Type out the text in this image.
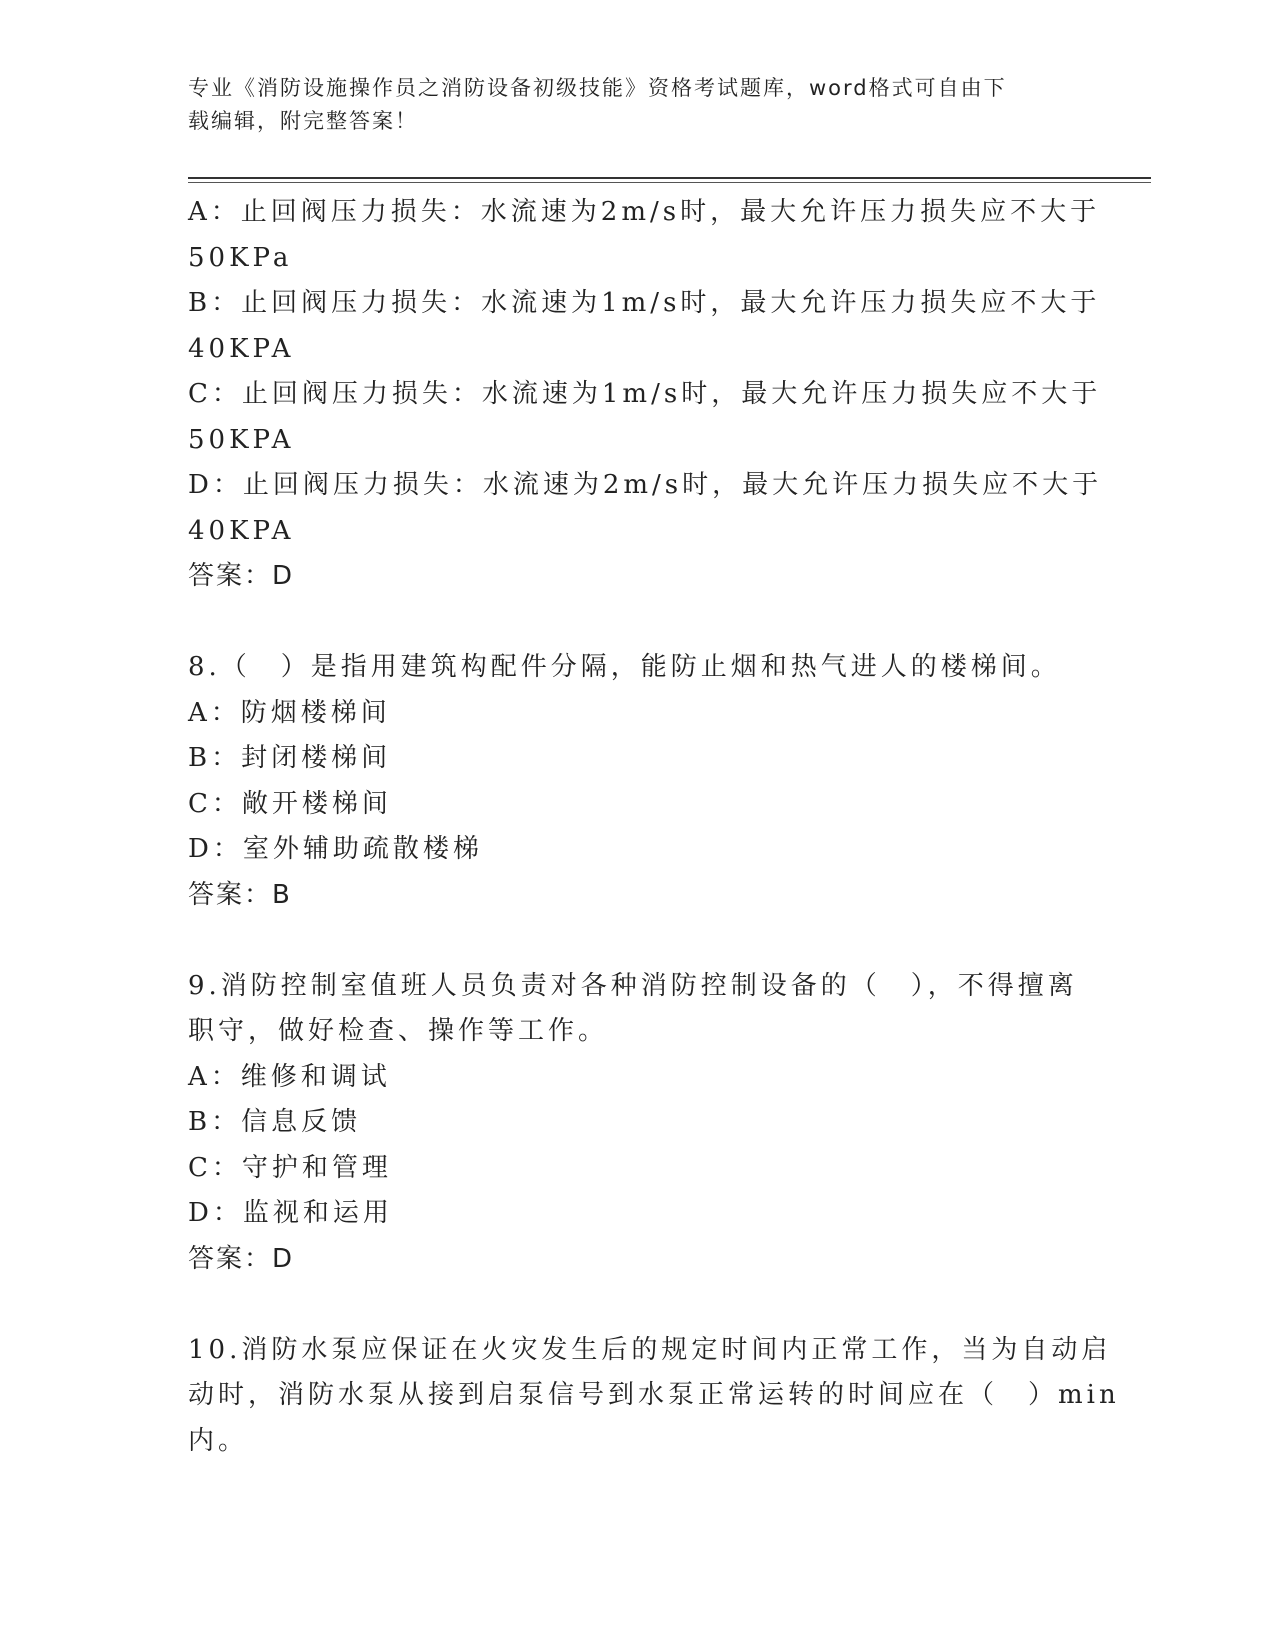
专业《消防设施操作员之消防设备初级技能》资格考试题库，word格式可自由下
载编辑，附完整答案！
A：止回阀压力损失：水流速为2m/s时，最大允许压力损失应不大于
50KPa
B：止回阀压力损失：水流速为1m/s时，最大允许压力损失应不大于
40KPA
C：止回阀压力损失：水流速为1m/s时，最大允许压力损失应不大于
50KPA
D：止回阀压力损失：水流速为2m/s时，最大允许压力损失应不大于
40KPA
答案：D
8.（　）是指用建筑构配件分隔，能防止烟和热气进人的楼梯间。
A：防烟楼梯间
B：封闭楼梯间
C：敞开楼梯间
D：室外辅助疏散楼梯
答案：B
9.消防控制室值班人员负责对各种消防控制设备的（　），不得擅离
职守，做好检查、操作等工作。
A：维修和调试
B：信息反馈
C：守护和管理
D：监视和运用
答案：D
10.消防水泵应保证在火灾发生后的规定时间内正常工作，当为自动启
动时，消防水泵从接到启泵信号到水泵正常运转的时间应在（　）min
内。
